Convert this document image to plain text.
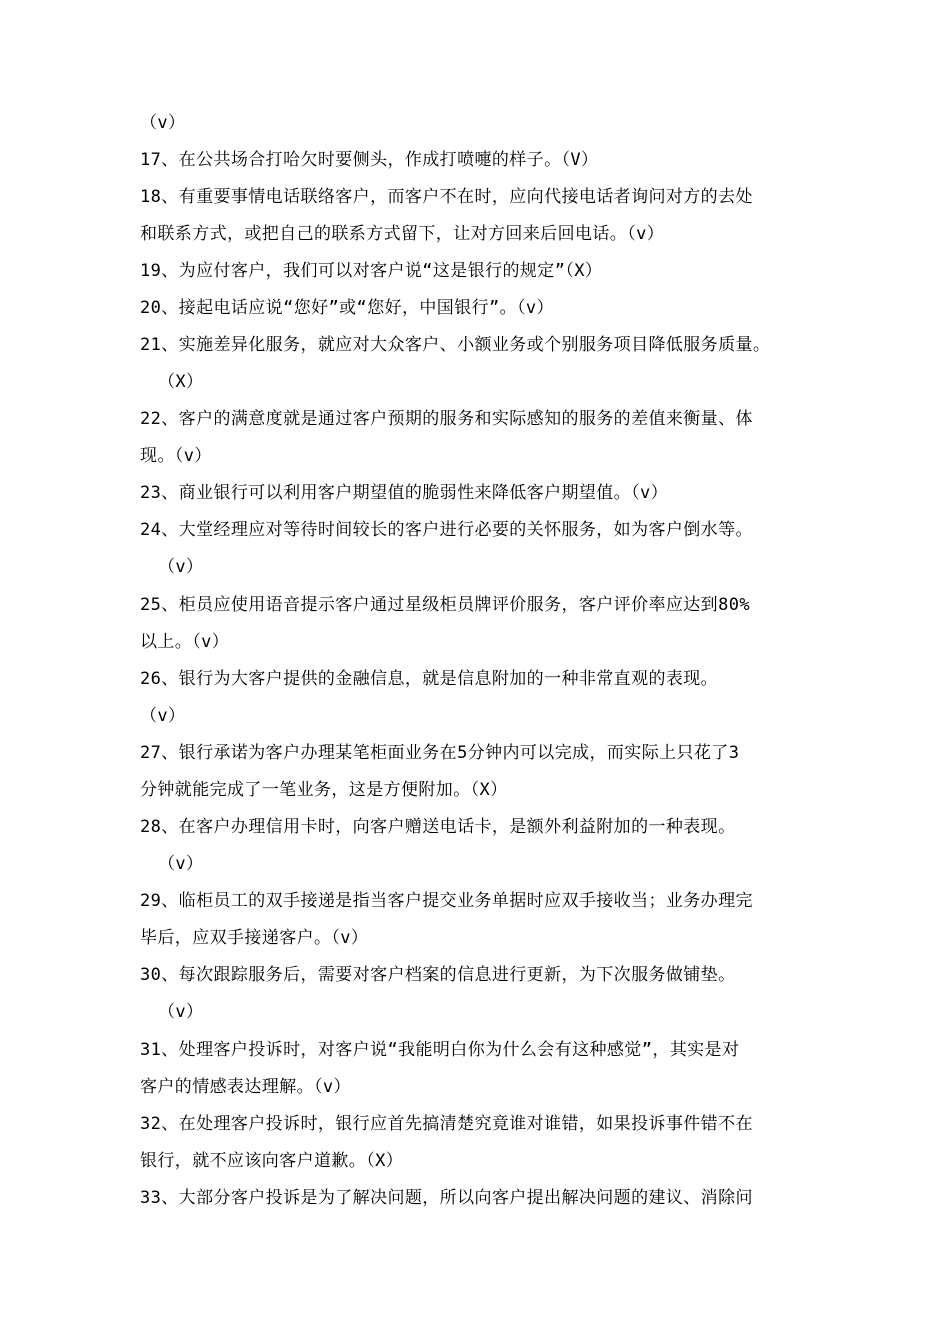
（v）
17、在公共场合打哈欠时要侧头，作成打喷嚏的样子。（V）
18、有重要事情电话联络客户，而客户不在时，应向代接电话者询问对方的去处
和联系方式，或把自己的联系方式留下，让对方回来后回电话。（v）
19、为应付客户，我们可以对客户说“这是银行的规定”（X）
20、接起电话应说“您好”或“您好，中国银行”。（v）
21、实施差异化服务，就应对大众客户、小额业务或个别服务项目降低服务质量。
（X）
22、客户的满意度就是通过客户预期的服务和实际感知的服务的差值来衡量、体
现。（v）
23、商业银行可以利用客户期望值的脆弱性来降低客户期望值。（v）
24、大堂经理应对等待时间较长的客户进行必要的关怀服务，如为客户倒水等。
（v）
25、柜员应使用语音提示客户通过星级柜员牌评价服务，客户评价率应达到80%
以上。（v）
26、银行为大客户提供的金融信息，就是信息附加的一种非常直观的表现。
（v）
27、银行承诺为客户办理某笔柜面业务在5分钟内可以完成，而实际上只花了3
分钟就能完成了一笔业务，这是方便附加。（X）
28、在客户办理信用卡时，向客户赠送电话卡，是额外利益附加的一种表现。
（v）
29、临柜员工的双手接递是指当客户提交业务单据时应双手接收当；业务办理完
毕后，应双手接递客户。（v）
30、每次跟踪服务后，需要对客户档案的信息进行更新，为下次服务做铺垫。
（v）
31、处理客户投诉时，对客户说“我能明白你为什么会有这种感觉”，其实是对
客户的情感表达理解。（v）
32、在处理客户投诉时，银行应首先搞清楚究竟谁对谁错，如果投诉事件错不在
银行，就不应该向客户道歉。（X）
33、大部分客户投诉是为了解决问题，所以向客户提出解决问题的建议、消除问
